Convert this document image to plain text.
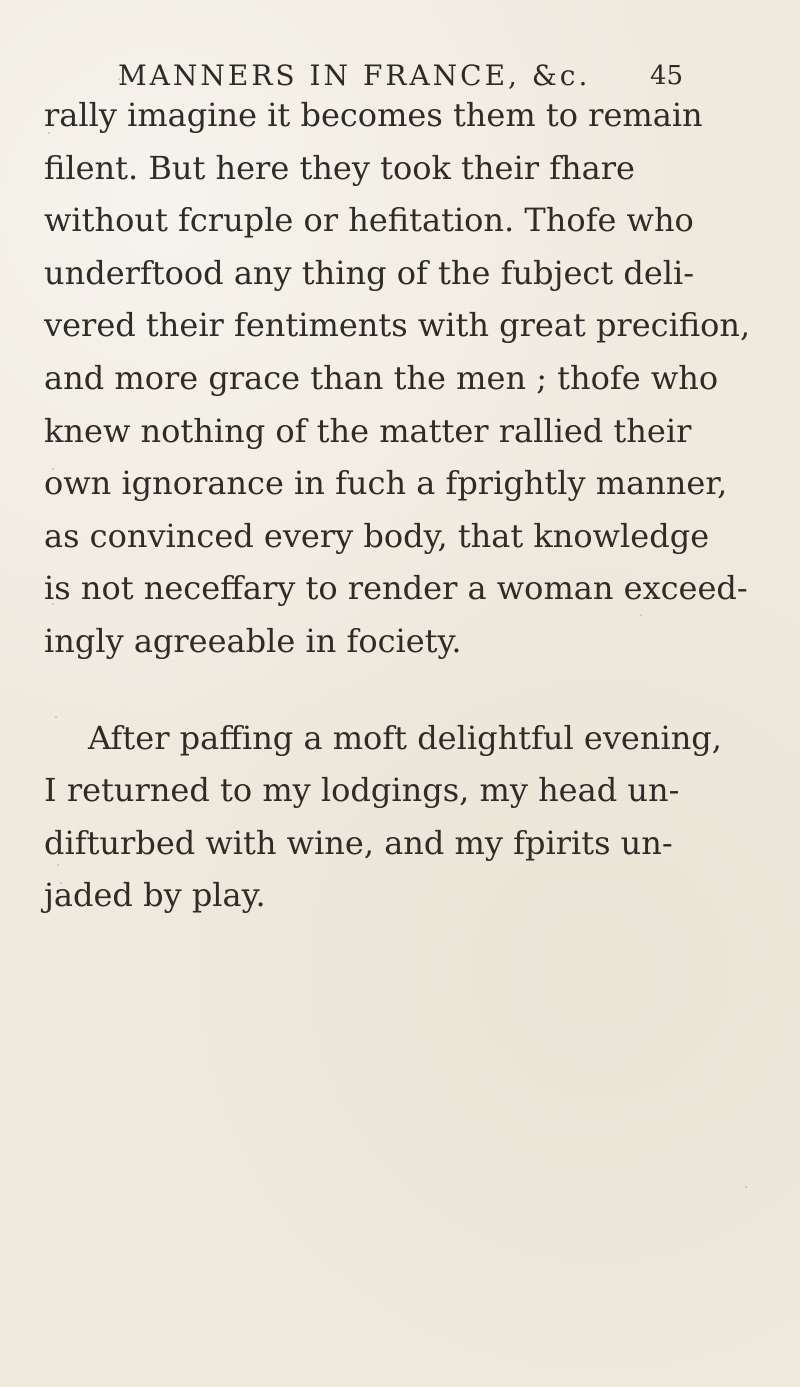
MANNERS IN FRANCE, &c.	45
rally imagine it becomes them to remain
filent. But here they took their fhare
without fcruple or hefitation. Thofe who
underftood any thing of the fubject deli-
vered their fentiments with great precifion,
and more grace than the men ; thofe who
knew nothing of the matter rallied their
own ignorance in fuch a fprightly manner,
as convinced every body, that knowledge
is not neceffary to render a woman exceed-
ingly agreeable in fociety.
After paffing a moft delightful evening,
I returned to my lodgings, my head un-
difturbed with wine, and my fpirits un-
jaded by play.
